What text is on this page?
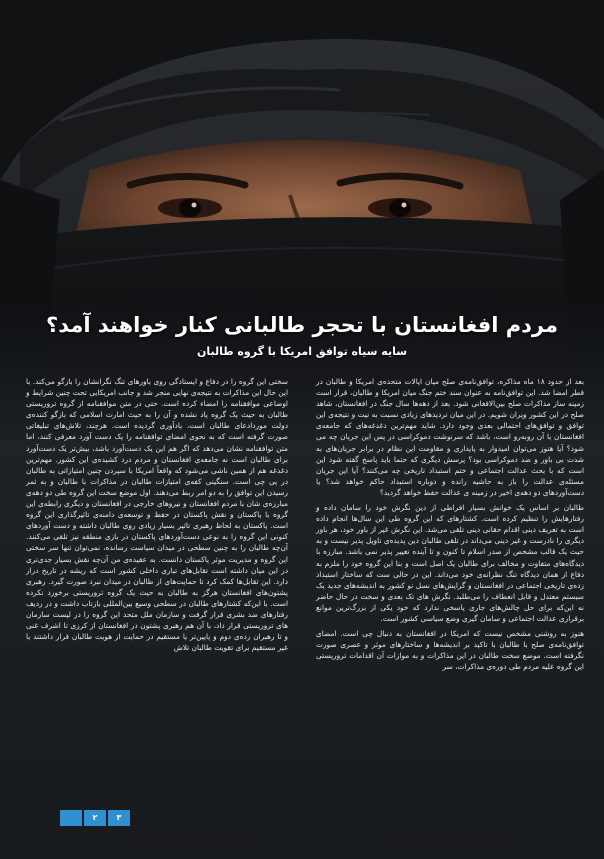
مردم افغانستان با تحجر طالبانی کنار خواهند آمد؟
سایه سیاه توافق امریکا با گروه طالبان

بعد از حدود ۱۸ ماه مذاکره، توافق‌نامه‌ی صلح میان ایالات متحده‌ی امریکا و طالبان در قطر امضا شد. این توافق‌نامه به عنوان سند ختم جنگ میان امریکا و طالبان، قرار است زمینه ساز مذاکرات صلح بین‌الافغانی شود. بعد از دهه‌ها سال جنگ در افغانستان، شاهد صلح در این کشور ویران شویم. در این میان تردیدهای زیادی نسبت به نیت و نتیجه‌ی این توافق و توافق‌های احتمالی بعدی وجود دارد. شاید مهم‌ترین دغدغه‌های که جامعه‌ی افغانستان با آن روبه‌رو است، باشد که سرنوشت دموکراسی در پس این جریان چه می شود؟ آیا هنوز می‌توان امیدوار به پایداری و مقاومت این نظام در برابر جریان‌های به شدت بی باور و ضد دموکراسی بود؟ پرسش دیگری که حتما باید پاسخ گفته شود این است که با بحث عدالت اجتماعی و ختم استبداد تاریخی چه می‌کنند؟ آیا این جریان مسئله‌ی عدالت را باز به حاشیه رانده و دوباره استبداد حاکم خواهد شد؟ یا دست‌آوردهای دو دهه‌ی اخیر در زمینه ی عدالت حفظ خواهد گردید؟

طالبان بر اساس یک خوانش بسیار افراطی از دین نگرش خود را سامان داده و رفتارهایش را تنظیم کرده است. کشتارهای که این گروه طی این سال‌ها انجام داده است به تعریف دینی اقدام حقانی دینی تلقی می‌شد. این نگرش غیر از باور خود، هر باور دیگری را نادرست و غیر دینی می‌داند در تلقی طالبان دین پدیده‌ی تاویل پذیر نیست و به حیث یک قالب مشخص از صدر اسلام تا کنون و تا آینده تغییر پذیر نمی باشد. مبارزه با دیدگاه‌های متفاوت و مخالف برای طالبان یک اصل است و بنا این گروه خود را ملزم به دفاع از همان دیدگاه تنگ نظرانه‌ی خود می‌داند. این در حالی ست که ساختار استبداد زده‌ی تاریخی اجتماعی در افغانستان و گرایش‌های نسل نو کشور به اندیشه‌های جدید یک سیستم معتدل و قابل انعطاف را می‌طلبد. نگرش های تک بعدی و سخت در حال حاضر نه این‌که برای حل چالش‌های جاری پاسخی ندارد که خود یکی از بزرگ‌ترین موانع برقراری عدالت اجتماعی و سامان گیری وضع سیاسی کشور است.

هنوز به روشنی مشخص نیست که امریکا در افغانستان به دنبال چی است. امضای توافق‌نامه‌ی صلح با طالبان با تاکید بر اندیشه‌ها و ساختارهای موثر و عصری صورت نگرفته است. موضع سخت طالبان در این مذاکرات و به موازات آن اقدامات تروریستی این گروه علیه مردم طی دوره‌ی مذاکرات، سر

سختی این گروه را در دفاع و ایستادگی روی باورهای تنگ نگرانشان را بازگو می‌کند. با این حال این مذاکرات به نتیجه‌ی نهایی منجر شد و جانب امریکایی تحت چنین شرایط و اوضاعی موافقنامه را امضاء کرده است. حتی در متن موافقنامه از گروه تروریستی طالبان به حیث یک گروه یاد نشده و آن را به حیث امارت اسلامی که بازگو کننده‌ی دولت موردادعای طالبان است، یادآوری گردیده است. هرچند، تلاش‌های تبلیغاتی صورت گرفته است که به نحوی امضای توافقنامه را یک دست آورد معرفی کنند، اما متن توافقنامه نشان می‌دهد که اگر هم این یک دست‌آورد باشد، بیش‌تر یک دست‌آورد برای طالبان است نه جامعه‌ی افغانستان و مردم درد کشیده‌ی این کشور. مهم‌ترین دغدغه هم از همین ناشی می‌شود که واقعاً امریکا با سپردن چنین امتیازاتی به طالبان در پی چی است. سنگینی کفه‌ی امتیازات طالبان در مذاکرات با طالبان و به ثمر رسیدن این توافق را به دو امر ربط می‌دهند. اول موضع سخت این گروه طی دو دهه‌ی مبارزه‌ی شان با مردم افغانستان و نیروهای خارجی در افغانستان و دیگری رابطه‌ی این گروه با پاکستان و نقش پاکستان در حفظ و توسعه‌ی دامنه‌ی تاثیرگذاری این گروه است. پاکستان به لحاظ رهبری تاثیر بسیار زیادی روی طالبان داشته و دست آوردهای کنونی این گروه را به نوعی دست‌آوردهای پاکستان در بازی منطقه نیز تلقی می‌کنند. آن‌چه طالبان را به چنین سطحی در میدان سیاست رسانده، نمی‌توان تنها سر سختی این گروه و مدیریت موثر پاکستان دانست. به عقیده‌ی من آن‌چه نقش بسیار جدی‌تری در این میان داشته است تقابل‌های تباری داخلی کشور است که ریشه در تاریخ دراز دارد. این تقابل‌ها کمک کرد تا حمایت‌های از طالبان در میدان نبرد صورت گیرد. رهبری پشتون‌های افغانستان هرگز به طالبان به حیث یک گروه تروریستی برخورد نکرده است. با این‌که کشتارهای طالبان در سطحی وسیع بین‌المللی بازتاب داشت و در ردیف رفتارهای ضد بشری قرار گرفت و سازمان ملل متحد این گروه را در لیست سازمان های تروریستی قرار داد، با آن هم رهبری پشتون در افغانستان از کرزی تا اشرف غنی و تا رهبران رده‌ی دوم و پایین‌تر یا مستقیم در حمایت از هویت طالبان قرار داشتند یا غیر مستقیم برای تقویت طالبان تلاش

۳
۲
